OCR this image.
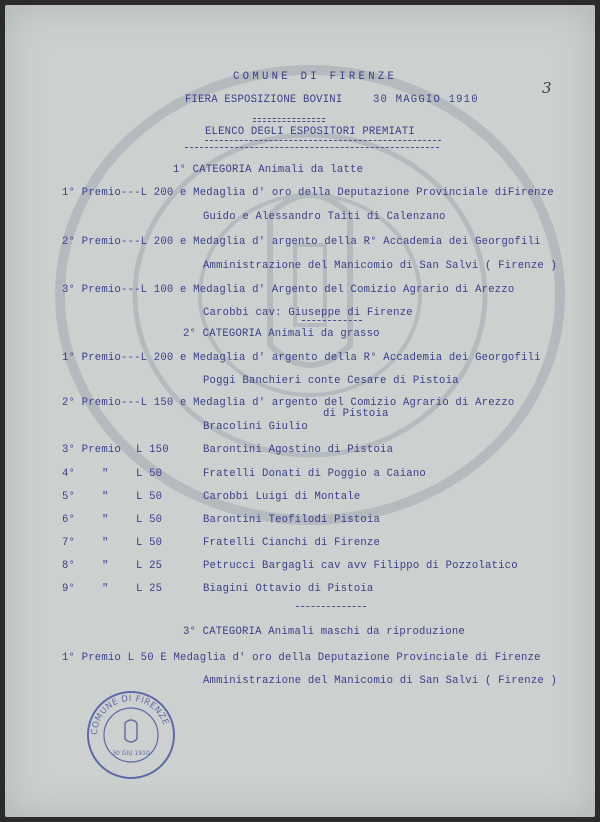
COMUNE DI FIRENZE

FIERA ESPOSIZIONE BOVINI	30 MAGGIO 1910

3

ELENCO DEGLI ESPOSITORI PREMIATI

1° CATEGORIA Animali da latte

1° Premio---L 200 e Medaglia d' oro della Deputazione Provinciale diFirenze

Guido e Alessandro Taiti di Calenzano

2° Premio---L 200 e Medaglia d' argento della R° Accademia dei Georgofili

Amministrazione del Manicomio di San Salvi ( Firenze )

3° Premio---L 100 e Medaglia d' Argento del Comizio Agrario di Arezzo

Carobbi cav: Giuseppe di Firenze

2° CATEGORIA Animali da grasso

1° Premio---L 200 e Medaglia d' argento della R° Accademia dei Georgofili

Poggi Banchieri conte Cesare di Pistoia

2° Premio---L 150 e Medaglia d' argento del Comizio Agrario di Arezzo

di Pistoia

Bracolini Giulio

3° Premio L 150	Barontini Agostino di Pistoia

4°	"	L 50	Fratelli Donati di Poggio a Caiano

5°	"	L 50	Carobbi Luigi di Montale

6°	"	L 50	Barontini Teofilodi Pistoia

7°	"	L 50	Fratelli Cianchi di Firenze

8°	"	L 25	Petrucci Bargagli cav avv Filippo di Pozzolatico

9°	"	L 25	Biagini Ottavio di Pistoia

3° CATEGORIA Animali maschi da riproduzione

1° Premio L 50 E Medaglia d' oro della Deputazione Provinciale di Firenze

Amministrazione del Manicomio di San Salvi ( Firenze )

COMUNE DI FIRENZE
30 GIU 1910
